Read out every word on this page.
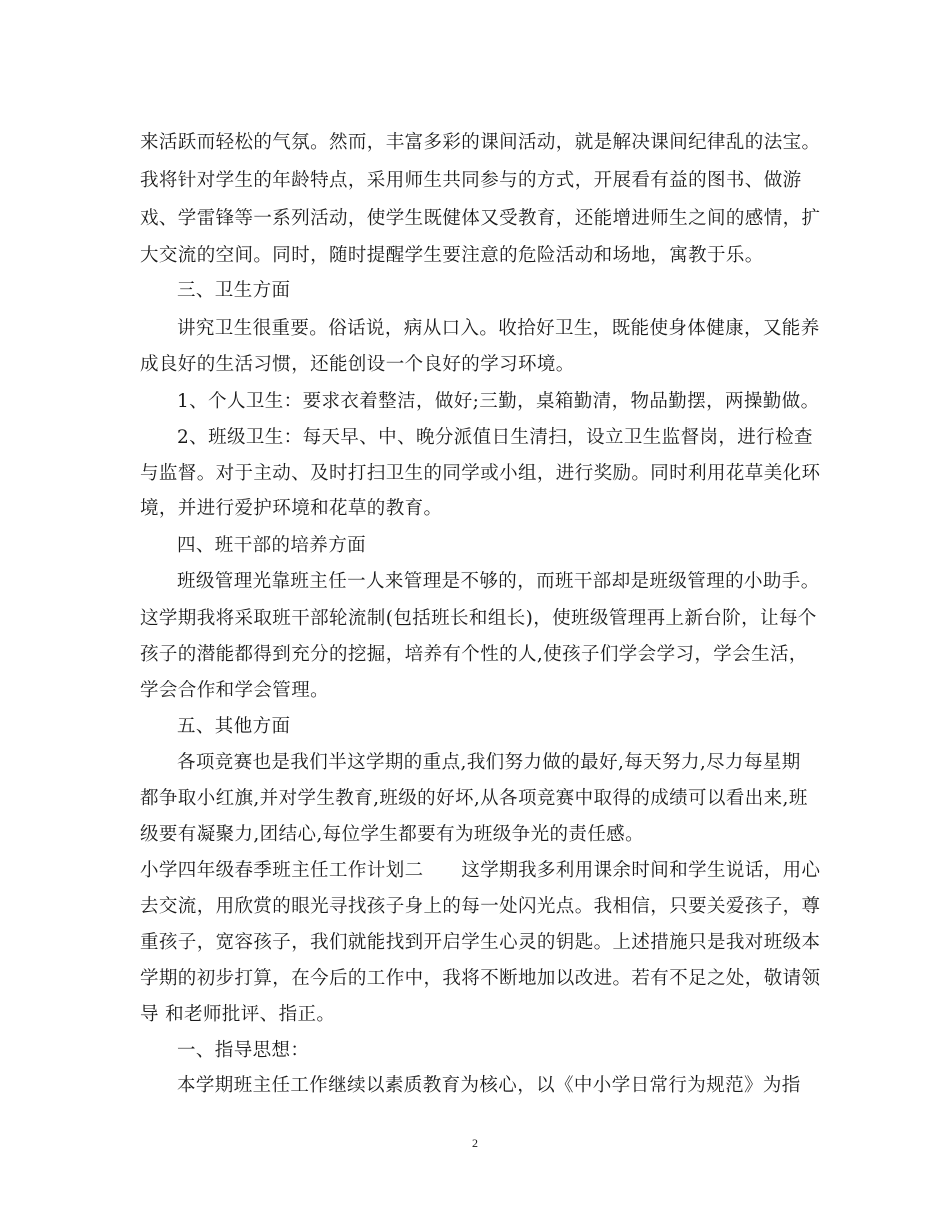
来活跃而轻松的气氛。然而，丰富多彩的课间活动，就是解决课间纪律乱的法宝。
我将针对学生的年龄特点，采用师生共同参与的方式，开展看有益的图书、做游
戏、学雷锋等一系列活动，使学生既健体又受教育，还能增进师生之间的感情，扩
大交流的空间。同时，随时提醒学生要注意的危险活动和场地，寓教于乐。
三、卫生方面
讲究卫生很重要。俗话说，病从口入。收拾好卫生，既能使身体健康，又能养
成良好的生活习惯，还能创设一个良好的学习环境。
1、个人卫生：要求衣着整洁，做好;三勤，桌箱勤清，物品勤摆，两操勤做。
2、班级卫生：每天早、中、晚分派值日生清扫，设立卫生监督岗，进行检查
与监督。对于主动、及时打扫卫生的同学或小组，进行奖励。同时利用花草美化环
境，并进行爱护环境和花草的教育。
四、班干部的培养方面
班级管理光靠班主任一人来管理是不够的，而班干部却是班级管理的小助手。
这学期我将采取班干部轮流制(包括班长和组长)，使班级管理再上新台阶，让每个
孩子的潜能都得到充分的挖掘，培养有个性的人,使孩子们学会学习，学会生活，
学会合作和学会管理。
五、其他方面
各项竞赛也是我们半这学期的重点,我们努力做的最好,每天努力,尽力每星期
都争取小红旗,并对学生教育,班级的好坏,从各项竞赛中取得的成绩可以看出来,班
级要有凝聚力,团结心,每位学生都要有为班级争光的责任感。
小学四年级春季班主任工作计划二　　这学期我多利用课余时间和学生说话，用心
去交流，用欣赏的眼光寻找孩子身上的每一处闪光点。我相信，只要关爱孩子，尊
重孩子，宽容孩子，我们就能找到开启学生心灵的钥匙。上述措施只是我对班级本
学期的初步打算，在今后的工作中，我将不断地加以改进。若有不足之处，敬请领
导 和老师批评、指正。
一、指导思想：
本学期班主任工作继续以素质教育为核心，以《中小学日常行为规范》为指
2
